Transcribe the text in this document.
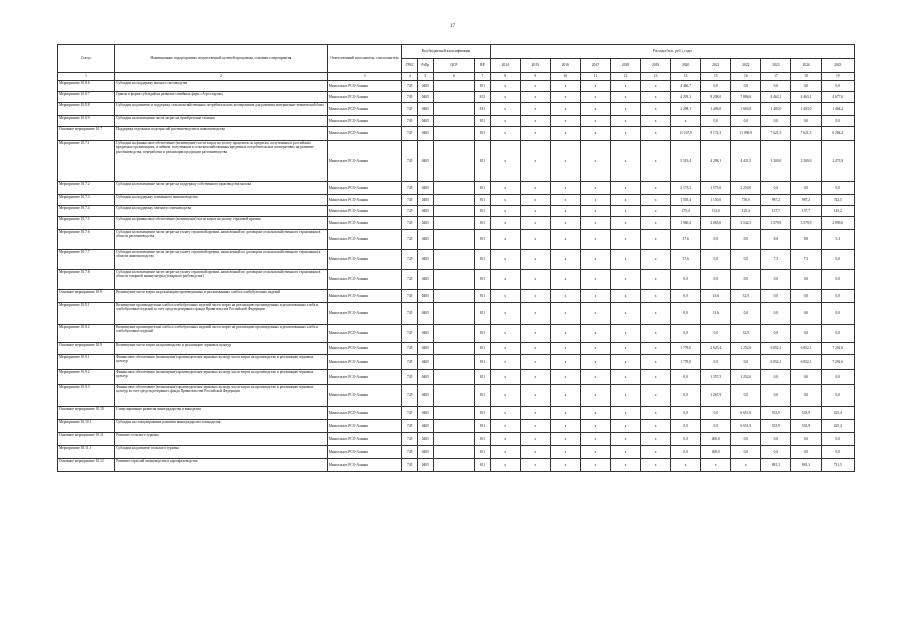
17
Статус	Наименование подпрограммы, ведомственной целевой программы, основного мероприятия	Ответственный исполнитель, соисполнитель	Код бюджетной классификации				Расходы (тыс. руб.), годы											
			ГРБС	РзПр	ЦСР	ВР	2014	2015	2016	2017	2018	2019	2020	2021	2022	2023	2024	2025
1	2	3	4	5	6	7	8	9	10	11	12	13	14	15	16	17	18	19
Мероприятие 10.8.6	Субсидии на поддержку мясного скотоводства	Минсельхоз РСО-Алания	745	0405		811	x	x	x	x	x	x	4 466,7	0,0	0,0	0,0	0,0	0,0
Мероприятие 10.8.7	Гранты в форме субсидий на развитие семейных ферм «Агростартап»	Минсельхоз РСО-Алания	745	0405		813	x	x	x	x	x	x	4 293,1	8 208,0	7 886,6	4 463,1	4 463,1	4 677,6
Мероприятие 10.8.8	Субсидии на развитие и поддержку сельскохозяйственных потребительских кооперативов для развития материально-технической базы	Минсельхоз РСО-Алания	745	0405		813	x	x	x	x	x	x	2 298,1	1 406,0	1 603,0	1 403,0	1 403,0	1 484,2
Мероприятие 10.8.9	Субсидии на возмещение части затрат на приобретение техники	Минсельхоз РСО-Алания	745	0405		811	x	x	x	x	x	x	x	0,0	0,0	0,0	0,0	0,0
Основное мероприятие 10.7	Поддержка отдельных подотраслей растениеводства и животноводства	Минсельхоз РСО-Алания	745	0405		811	x	x	x	x	x	x	11 167,9	9 172,3	11 096,9	7 621,5	7 621,5	6 284,4
Мероприятие 10.7.1	Субсидии на финансовое обеспечение (возмещение) части затрат на уплату процентов по кредитам, полученным в российских кредитных организациях, и займам, полученным в сельскохозяйственных кредитных потребительских кооперативах на развитие растениеводства, переработки и реализации продукции растениеводства	Минсельхоз РСО-Алания	745	0405		811	x	x	x	x	x	x	5 319,4	4 298,1	4 431,5	3 300,0	3 300,0	2 473,9
Мероприятие 10.7.2	Субсидии на возмещение части затрат на поддержку собственного производства молока	Минсельхоз РСО-Алания	745	0405		811	x	x	x	x	x	x	2 173,5	1 575,0	2 250,0	0,0	0,0	0,0
Мероприятие 10.7.3	Субсидии на поддержку племенного животноводства	Минсельхоз РСО-Алания	745	0405		811	x	x	x	x	x	x	1 505,4	1 150,0	750,0	987,2	987,2	742,5
Мероприятие 10.7.4	Субсидии на поддержку элитного семеноводства	Минсельхоз РСО-Алания	745	0405		811	x	x	x	x	x	x	175,4	112,0	125,4	137,7	137,7	145,2
Мероприятие 10.7.5	Субсидии на финансовое обеспечение (возмещение) части затрат на уплату страховой премии	Минсельхоз РСО-Алания	745	0405		811	x	x	x	x	x	x	1 960,4	2 065,0	3 542,5	3 579,9	3 579,9	2 890,6
Мероприятие 10.7.6	Субсидии на возмещение части затрат на уплату страховой премии, начисленной по договорам сельскохозяйственного страхования в области растениеводства	Минсельхоз РСО-Алания	745	0405		811	x	x	x	x	x	x	37,6	0,0	0,0	8,8	8,8	5,3
Мероприятие 10.7.7	Субсидии на возмещение части затрат на уплату страховой премии, начисленной по договорам сельскохозяйственного страхования в области животноводства	Минсельхоз РСО-Алания	745	0405		811	x	x	x	x	x	x	37,6	0,0	0,0	7,5	7,5	0,0
Мероприятие 10.7.8	Субсидии на возмещение части затрат на уплату страховой премии, начисленной по договорам сельскохозяйственного страхования в области товарной аквакультуры (товарного рыбоводства)	Минсельхоз РСО-Алания	745	0405		811	x	x	x	x	x	x	0,0	0,0	0,0	0,0	0,0	0,0
Основное мероприятие 10.8	Возмещение части затрат на реализацию произведенных и реализованных хлеба и хлебобулочных изделий	Минсельхоз РСО-Алания	745	0405		811	x	x	x	x	x	x	0,0	13,6	32,9	0,0	0,0	0,0
Мероприятие 10.8.1	Возмещение производителям хлеба и хлебобулочных изделий части затрат на реализацию произведенных и реализованных хлеба и хлебобулочных изделий за счет средств резервного фонда Правительства Российской Федерации	Минсельхоз РСО-Алания	745	0405		811	x	x	x	x	x	x	0,0	13,6	0,0	0,0	0,0	0,0
Мероприятие 10.8.2	Возмещение производителям хлеба и хлебобулочных изделий части затрат на реализацию произведенных и реализованных хлеба и хлебобулочных изделий	Минсельхоз РСО-Алания	745	0405		811	x	x	x	x	x	x	0,0	0,0	32,9	0,0	0,0	0,0
Основное мероприятие 10.9	Возмещение части затрат на производство и реализацию зерновых культур	Минсельхоз РСО-Алания	745	0405		811	x	x	x	x	x	x	1 778,0	2 625,4	1 252,6	6 852,1	6 852,1	7 292,6
Мероприятие 10.9.1	Финансовое обеспечение (возмещение) производителям зерновых культур части затрат на производство и реализацию зерновых культур	Минсельхоз РСО-Алания	745	0405		811	x	x	x	x	x	x	1 778,0	0,0	0,0	6 852,1	6 852,1	7 292,6
Мероприятие 10.9.2	Финансовое обеспечение (возмещение) производителям зерновых культур части затрат на производство и реализацию зерновых культур	Минсельхоз РСО-Алания	745	0405		811	x	x	x	x	x	x	0,0	1 357,5	1 252,6	0,0	0,0	0,0
Мероприятие 10.9.3	Финансовое обеспечение (возмещение) производителям зерновых культур части затрат на производство и реализацию зерновых культур за счет средств резервного фонда Правительства Российской Федерации	Минсельхоз РСО-Алания	745	0405		811	x	x	x	x	x	x	0,0	1 267,9	0,0	0,0	0,0	0,0
Основное мероприятие 10.10	Стимулирование развития виноградарства и виноделия	Минсельхоз РСО-Алания	745	0405		811	x	x	x	x	x	x	0,0	0,0	6 651,9	533,9	533,9	425,4
Мероприятие 10.10.1	Субсидии на стимулирование развития виноградарства и виноделия	Минсельхоз РСО-Алания	745	0405		811	x	x	x	x	x	x	0,0	0,0	6 651,9	533,9	533,9	425,4
Основное мероприятие 10.11	Развитие сельского туризма	Минсельхоз РСО-Алания	745	0405		811	x	x	x	x	x	x	0,0	400,0	0,0	0,0	0,0	0,0
Мероприятие 10.11.1	Субсидии на развитие сельского туризма	Минсельхоз РСО-Алания	745	0405		811	x	x	x	x	x	x	0,0	400,0	0,0	0,0	0,0	0,0
Основное мероприятие 10.12	Развитие отраслей овощеводства и картофелеводства	Минсельхоз РСО-Алания	745	0405		811	x	x	x	x	x	x	x	x	x	881,3	881,3	731,5
